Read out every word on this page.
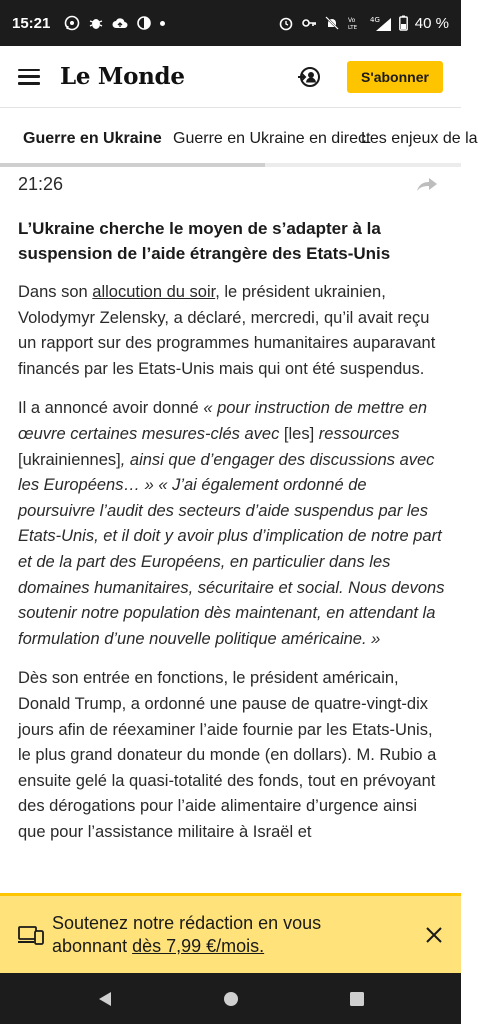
15:21	Vo
LTE
4G 40 %
Le Monde	S'abonner
Guerre en Ukraine Guerre en Ukraine en direct
Les enjeux de la
21:26
L’Ukraine cherche le moyen de s’adapter à la suspension de l’aide étrangère des Etats-Unis

Dans son allocution du soir, le président ukrainien, Volodymyr Zelensky, a déclaré, mercredi, qu’il avait reçu un rapport sur des programmes humanitaires auparavant financés par les Etats-Unis mais qui ont été suspendus.

Il a annoncé avoir donné « pour instruction de mettre en œuvre certaines mesures-clés avec [les] ressources [ukrainiennes], ainsi que d’engager des discussions avec les Européens… » « J’ai également ordonné de poursuivre l’audit des secteurs d’aide suspendus par les Etats-Unis, et il doit y avoir plus d’implication de notre part et de la part des Européens, en particulier dans les domaines humanitaires, sécuritaire et social. Nous devons soutenir notre population dès maintenant, en attendant la formulation d’une nouvelle politique américaine. »

Dès son entrée en fonctions, le président américain, Donald Trump, a ordonné une pause de quatre-vingt-dix jours afin de réexaminer l’aide fournie par les Etats-Unis, le plus grand donateur du monde (en dollars). M. Rubio a ensuite gelé la quasi-totalité des fonds, tout en prévoyant des dérogations pour l’aide alimentaire d’urgence ainsi que pour l’assistance militaire à Israël et

Soutenez notre rédaction en vous abonnant dès 7,99 €/mois.
